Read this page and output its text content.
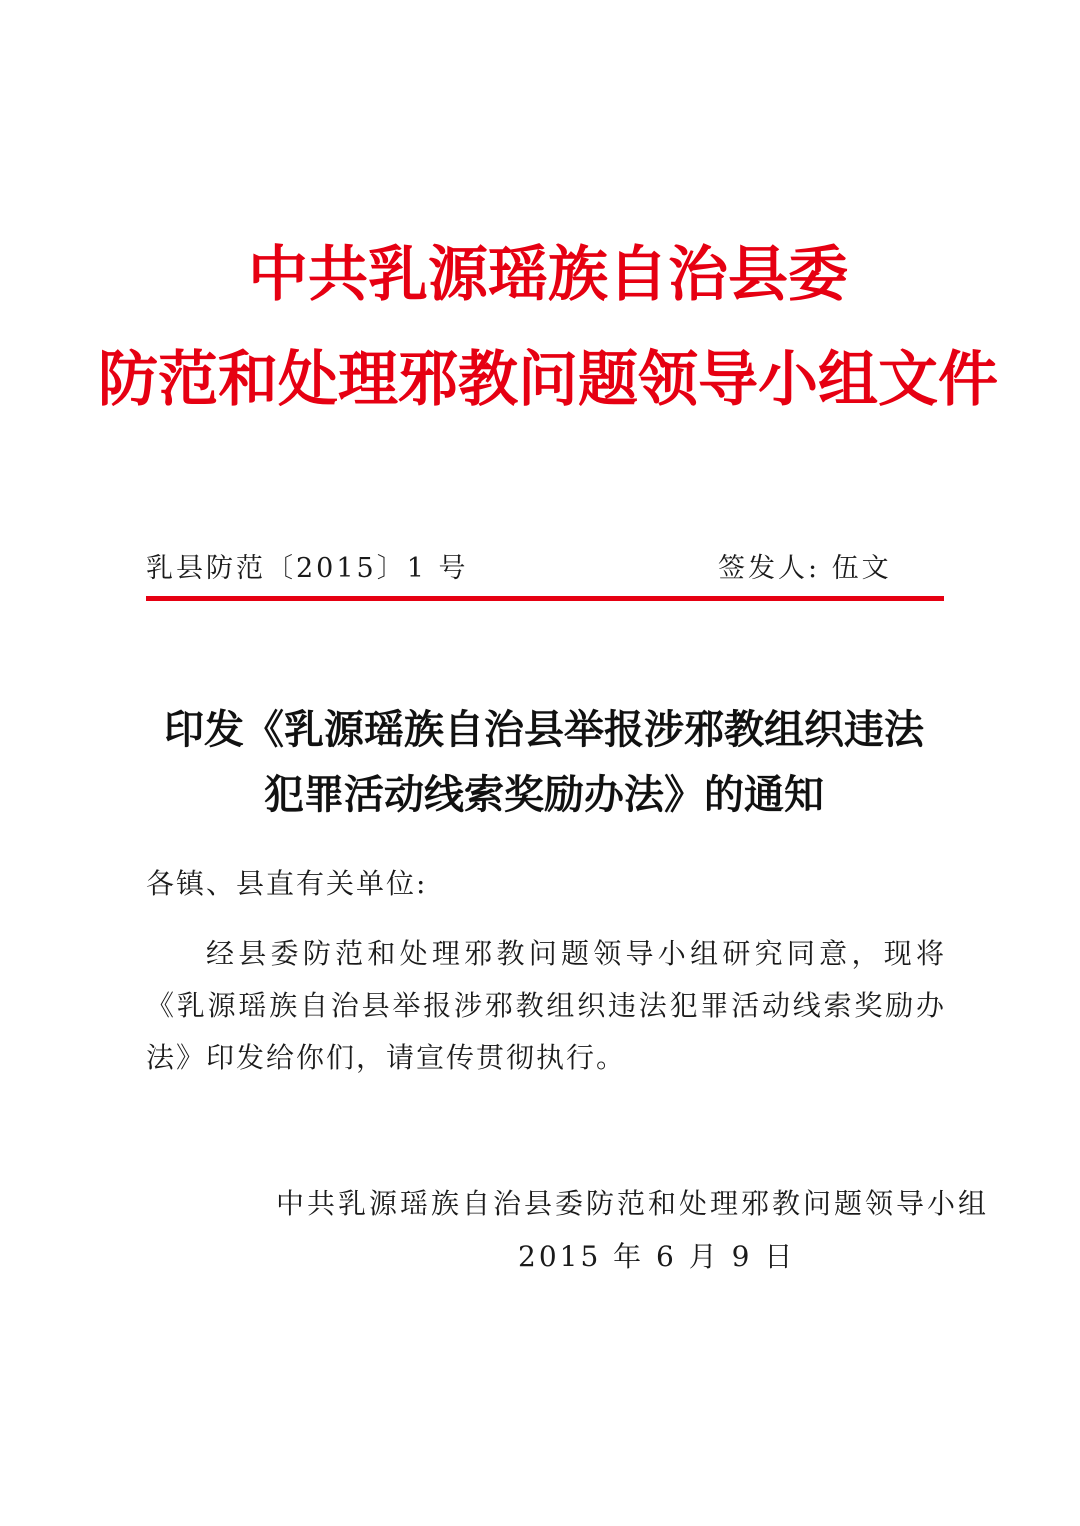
中共乳源瑶族自治县委
防范和处理邪教问题领导小组文件
乳县防范〔2015〕1 号	签发人: 伍文
印发《乳源瑶族自治县举报涉邪教组织违法
犯罪活动线索奖励办法》的通知
各镇、县直有关单位:
经县委防范和处理邪教问题领导小组研究同意，现将《乳源瑶族自治县举报涉邪教组织违法犯罪活动线索奖励办法》印发给你们，请宣传贯彻执行。
中共乳源瑶族自治县委防范和处理邪教问题领导小组
2015 年 6 月 9 日
